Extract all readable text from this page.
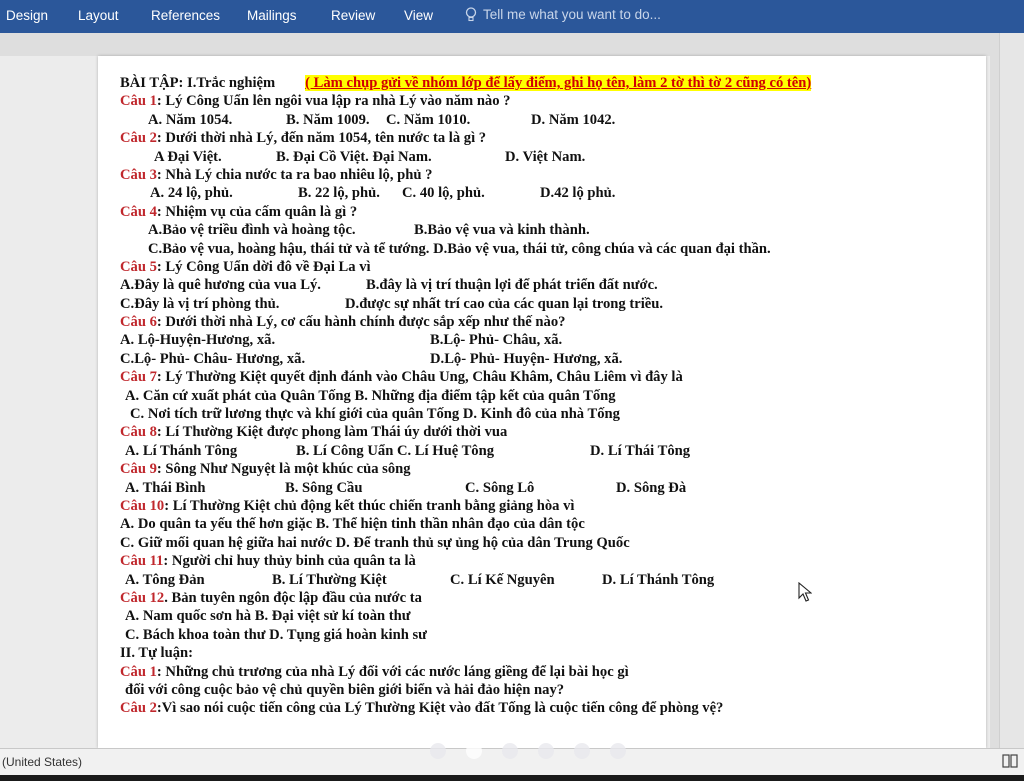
Design Layout References Mailings	Review View	Tell me what you want to do...
BÀI TẬP: I.Trắc nghiệm ( Làm chụp gửi về nhóm lớp để lấy điểm, ghi họ tên, làm 2 tờ thì tờ 2 cũng có tên)
Câu 1: Lý Công Uẩn lên ngôi vua lập ra nhà Lý vào năm nào ?
A. Năm 1054.	B. Năm 1009. C. Năm 1010.	D. Năm 1042.
Câu 2: Dưới thời nhà Lý, đến năm 1054, tên nước ta là gì ?
A Đại Việt.	B. Đại Cồ Việt. Đại Nam.	D. Việt Nam.
Câu 3: Nhà Lý chia nước ta ra bao nhiêu lộ, phủ ?
A. 24 lộ, phủ.	B. 22 lộ, phủ. C. 40 lộ, phủ.	D.42 lộ phủ.
Câu 4: Nhiệm vụ của cấm quân là gì ?
A.Bảo vệ triều đình và hoàng tộc.	B.Bảo vệ vua và kinh thành.
C.Bảo vệ vua, hoàng hậu, thái tử và tể tướng. D.Bảo vệ vua, thái tử, công chúa và các quan đại thần.
Câu 5: Lý Công Uẩn dời đô về Đại La vì
A.Đây là quê hương của vua Lý.	B.đây là vị trí thuận lợi để phát triển đất nước.
C.Đây là vị trí phòng thủ.	D.được sự nhất trí cao của các quan lại trong triều.
Câu 6: Dưới thời nhà Lý, cơ cấu hành chính được sắp xếp như thế nào?
A. Lộ-Huyện-Hương, xã.	B.Lộ- Phủ- Châu, xã.
C.Lộ- Phủ- Châu- Hương, xã.	D.Lộ- Phủ- Huyện- Hương, xã.
Câu 7: Lý Thường Kiệt quyết định đánh vào Châu Ung, Châu Khâm, Châu Liêm vì đây là
A. Căn cứ xuất phát của Quân Tống B. Những địa điểm tập kết của quân Tống
C. Nơi tích trữ lương thực và khí giới của quân Tống D. Kinh đô của nhà Tống
Câu 8: Lí Thường Kiệt được phong làm Thái úy dưới thời vua
A. Lí Thánh Tông	B. Lí Công Uẩn C. Lí Huệ Tông	D. Lí Thái Tông
Câu 9: Sông Như Nguyệt là một khúc của sông
A. Thái Bình	B. Sông Cầu	C. Sông Lô	D. Sông Đà
Câu 10: Lí Thường Kiệt chủ động kết thúc chiến tranh bằng giảng hòa vì
A. Do quân ta yếu thế hơn giặc B. Thể hiện tinh thần nhân đạo của dân tộc
C. Giữ mối quan hệ giữa hai nước D. Để tranh thủ sự ủng hộ của dân Trung Quốc
Câu 11: Người chỉ huy thủy binh của quân ta là
A. Tông Đản	B. Lí Thường Kiệt	C. Lí Kế Nguyên	D. Lí Thánh Tông
Câu 12. Bản tuyên ngôn độc lập đầu của nước ta
A. Nam quốc sơn hà B. Đại việt sử kí toàn thư
C. Bách khoa toàn thư D. Tụng giá hoàn kinh sư
II. Tự luận:
Câu 1: Những chủ trương của nhà Lý đối với các nước láng giềng để lại bài học gì
đối với công cuộc bảo vệ chủ quyền biên giới biển và hải đảo hiện nay?
Câu 2:Vì sao nói cuộc tiến công của Lý Thường Kiệt vào đất Tống là cuộc tiến công để phòng vệ?
(United States)
